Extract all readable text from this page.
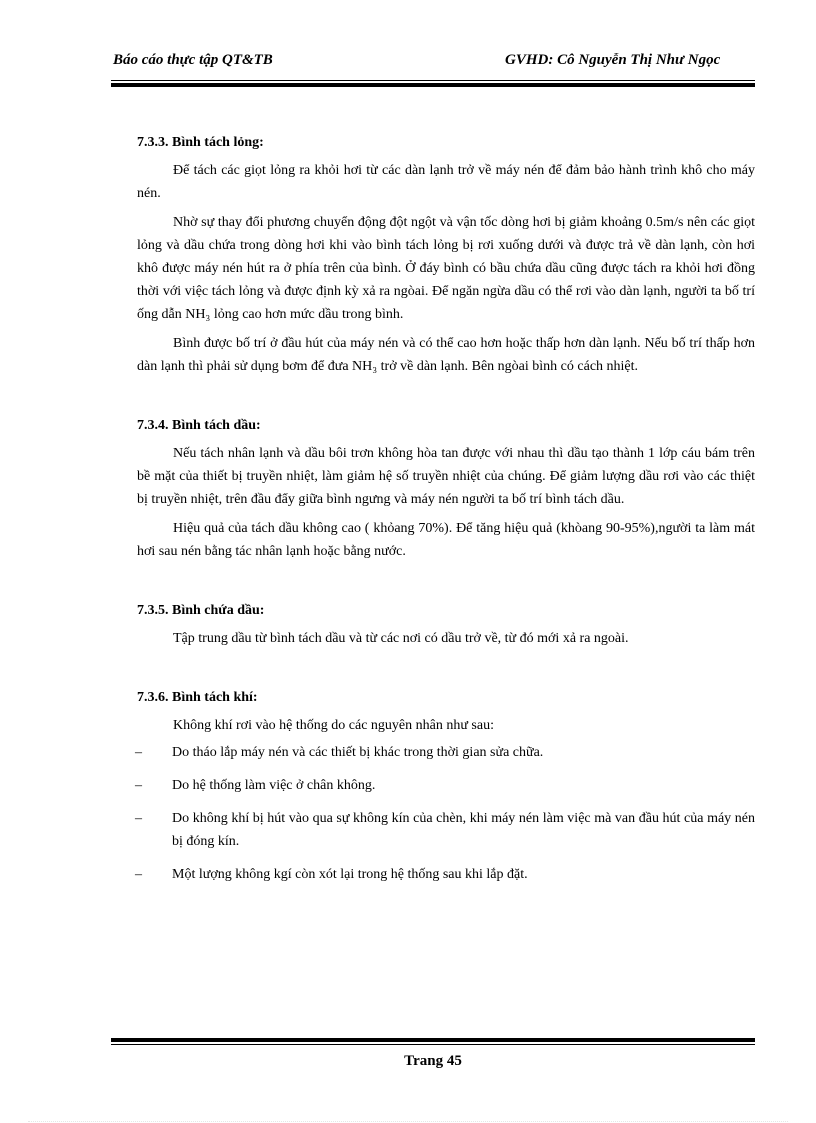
Báo cáo thực tập QT&TB	GVHD: Cô Nguyễn Thị Như Ngọc
7.3.3. Bình tách lỏng:

Để tách các giọt lỏng ra khỏi hơi từ các dàn lạnh trở về máy nén để đảm bảo hành trình khô cho máy nén.

Nhờ sự thay đổi phương chuyển động đột ngột và vận tốc dòng hơi bị giảm khoảng 0.5m/s nên các giọt lỏng và dầu chứa trong dòng hơi khi vào bình tách lỏng bị rơi xuống dưới và được trả về dàn lạnh, còn hơi khô được máy nén hút ra ở phía trên của bình. Ở đáy bình có bầu chứa dầu cũng được tách ra khỏi hơi đồng thời với việc tách lỏng và được định kỳ xả ra ngòai. Để ngăn ngừa dầu có thể rơi vào dàn lạnh, người ta bố trí ống dẫn NH₃ lỏng cao hơn mức dầu trong bình.

Bình được bố trí ở đầu hút của máy nén và có thể cao hơn hoặc thấp hơn dàn lạnh. Nếu bố trí thấp hơn dàn lạnh thì phải sử dụng bơm để đưa NH₃ trở về dàn lạnh. Bên ngòai bình có cách nhiệt.

7.3.4. Bình tách dầu:

Nếu tách nhân lạnh và dầu bôi trơn không hòa tan được với nhau thì dầu tạo thành 1 lớp cáu bám trên bề mặt của thiết bị truyền nhiệt, làm giảm hệ số truyền nhiệt của chúng. Để giảm lượng dầu rơi vào các thiệt bị truyền nhiệt, trên đầu đẩy giữa bình ngưng và máy nén người ta bố trí bình tách dầu.

Hiệu quả của tách dầu không cao ( khỏang 70%). Để tăng hiệu quả (khòang 90-95%),người ta làm mát hơi sau nén bằng tác nhân lạnh hoặc bằng nước.

7.3.5. Bình chứa dầu:

Tập trung dầu từ bình tách dầu và từ các nơi có dầu trở về, từ đó mới xả ra ngoài.

7.3.6. Bình tách khí:

Không khí rơi vào hệ thống do các nguyên nhân như sau:

– Do tháo lắp máy nén và các thiết bị khác trong thời gian sửa chữa.
– Do hệ thống làm việc ở chân không.
– Do không khí bị hút vào qua sự không kín của chèn, khi máy nén làm việc mà van đầu hút của máy nén bị đóng kín.
– Một lượng không kgí còn xót lại trong hệ thống sau khi lắp đặt.
Trang 45
